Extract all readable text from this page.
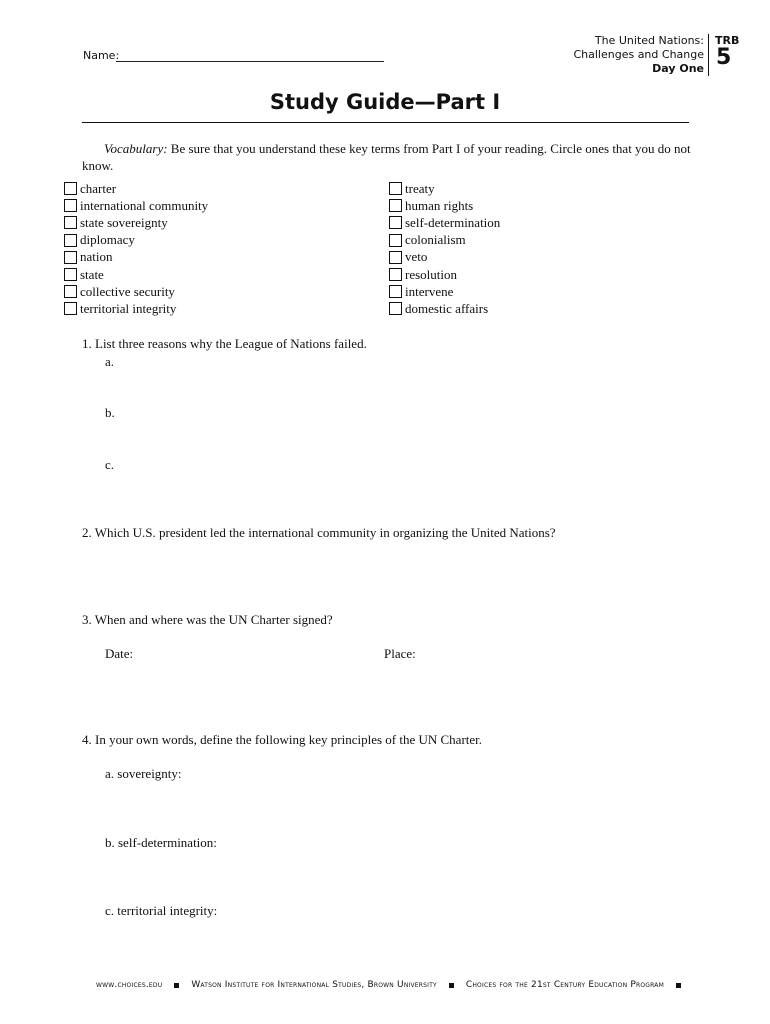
Name:
The United Nations:
Challenges and Change
Day One
TRB
5
Study Guide—Part I
Vocabulary: Be sure that you understand these key terms from Part I of your reading. Circle ones that you do not know.
charter
international community
state sovereignty
diplomacy
nation
state
collective security
territorial integrity
treaty
human rights
self-determination
colonialism
veto
resolution
intervene
domestic affairs
1. List three reasons why the League of Nations failed.
a.
b.
c.
2. Which U.S. president led the international community in organizing the United Nations?
3. When and where was the UN Charter signed?
Date:	Place:
4. In your own words, define the following key principles of the UN Charter.
a. sovereignty:
b. self-determination:
c. territorial integrity:
www.choices.edu	Watson Institute for International Studies, Brown University	Choices for the 21st Century Education Program
